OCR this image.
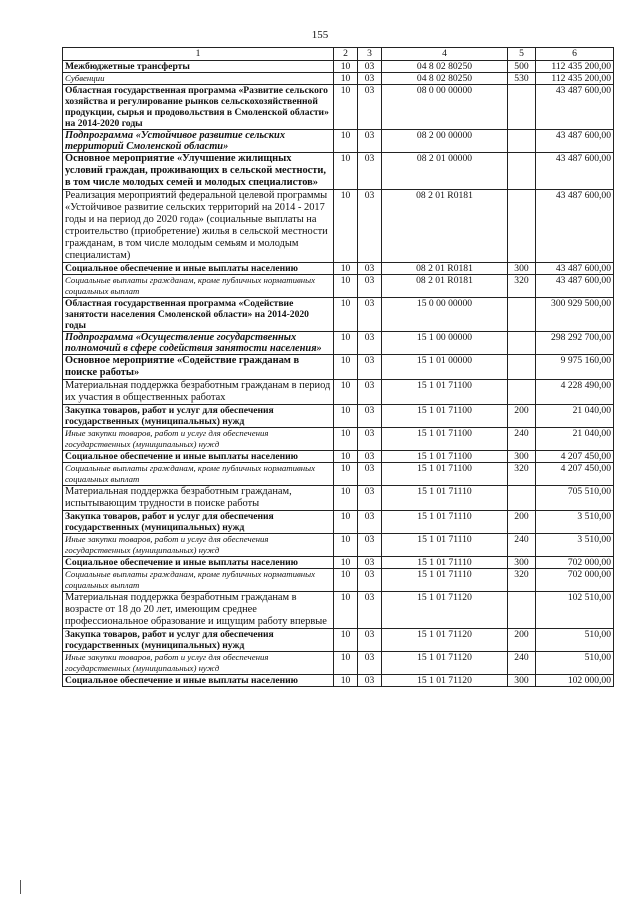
155
1	2	3	4	5	6
Межбюджетные трансферты	10	03	04 8 02 80250	500	112 435 200,00
Субвенции	10	03	04 8 02 80250	530	112 435 200,00
Областная государственная программа «Развитие сельского хозяйства и регулирование рынков сельскохозяйственной продукции, сырья и продовольствия в Смоленской области» на 2014-2020 годы	10	03	08 0 00 00000		43 487 600,00
Подпрограмма «Устойчивое развитие сельских территорий Смоленской области»	10	03	08 2 00 00000		43 487 600,00
Основное мероприятие «Улучшение жилищных условий граждан, проживающих в сельской местности, в том числе молодых семей и молодых специалистов»	10	03	08 2 01 00000		43 487 600,00
Реализация мероприятий федеральной целевой программы «Устойчивое развитие сельских территорий на 2014 - 2017 годы и на период до 2020 года» (социальные выплаты на строительство (приобретение) жилья в сельской местности гражданам, в том числе молодым семьям и молодым специалистам)	10	03	08 2 01 R0181		43 487 600,00
Социальное обеспечение и иные выплаты населению	10	03	08 2 01 R0181	300	43 487 600,00
Социальные выплаты гражданам, кроме публичных нормативных социальных выплат	10	03	08 2 01 R0181	320	43 487 600,00
Областная государственная программа «Содействие занятости населения Смоленской области» на 2014-2020 годы	10	03	15 0 00 00000		300 929 500,00
Подпрограмма «Осуществление государственных полномочий в сфере содействия занятости населения»	10	03	15 1 00 00000		298 292 700,00
Основное мероприятие «Содействие гражданам в поиске работы»	10	03	15 1 01 00000		9 975 160,00
Материальная поддержка безработным гражданам в период их участия в общественных работах	10	03	15 1 01 71100		4 228 490,00
Закупка товаров, работ и услуг для обеспечения государственных (муниципальных) нужд	10	03	15 1 01 71100	200	21 040,00
Иные закупки товаров, работ и услуг для обеспечения государственных (муниципальных) нужд	10	03	15 1 01 71100	240	21 040,00
Социальное обеспечение и иные выплаты населению	10	03	15 1 01 71100	300	4 207 450,00
Социальные выплаты гражданам, кроме публичных нормативных социальных выплат	10	03	15 1 01 71100	320	4 207 450,00
Материальная поддержка безработным гражданам, испытывающим трудности в поиске работы	10	03	15 1 01 71110		705 510,00
Закупка товаров, работ и услуг для обеспечения государственных (муниципальных) нужд	10	03	15 1 01 71110	200	3 510,00
Иные закупки товаров, работ и услуг для обеспечения государственных (муниципальных) нужд	10	03	15 1 01 71110	240	3 510,00
Социальное обеспечение и иные выплаты населению	10	03	15 1 01 71110	300	702 000,00
Социальные выплаты гражданам, кроме публичных нормативных социальных выплат	10	03	15 1 01 71110	320	702 000,00
Материальная поддержка безработным гражданам в возрасте от 18 до 20 лет, имеющим среднее профессиональное образование и ищущим работу впервые	10	03	15 1 01 71120		102 510,00
Закупка товаров, работ и услуг для обеспечения государственных (муниципальных) нужд	10	03	15 1 01 71120	200	510,00
Иные закупки товаров, работ и услуг для обеспечения государственных (муниципальных) нужд	10	03	15 1 01 71120	240	510,00
Социальное обеспечение и иные выплаты населению	10	03	15 1 01 71120	300	102 000,00
